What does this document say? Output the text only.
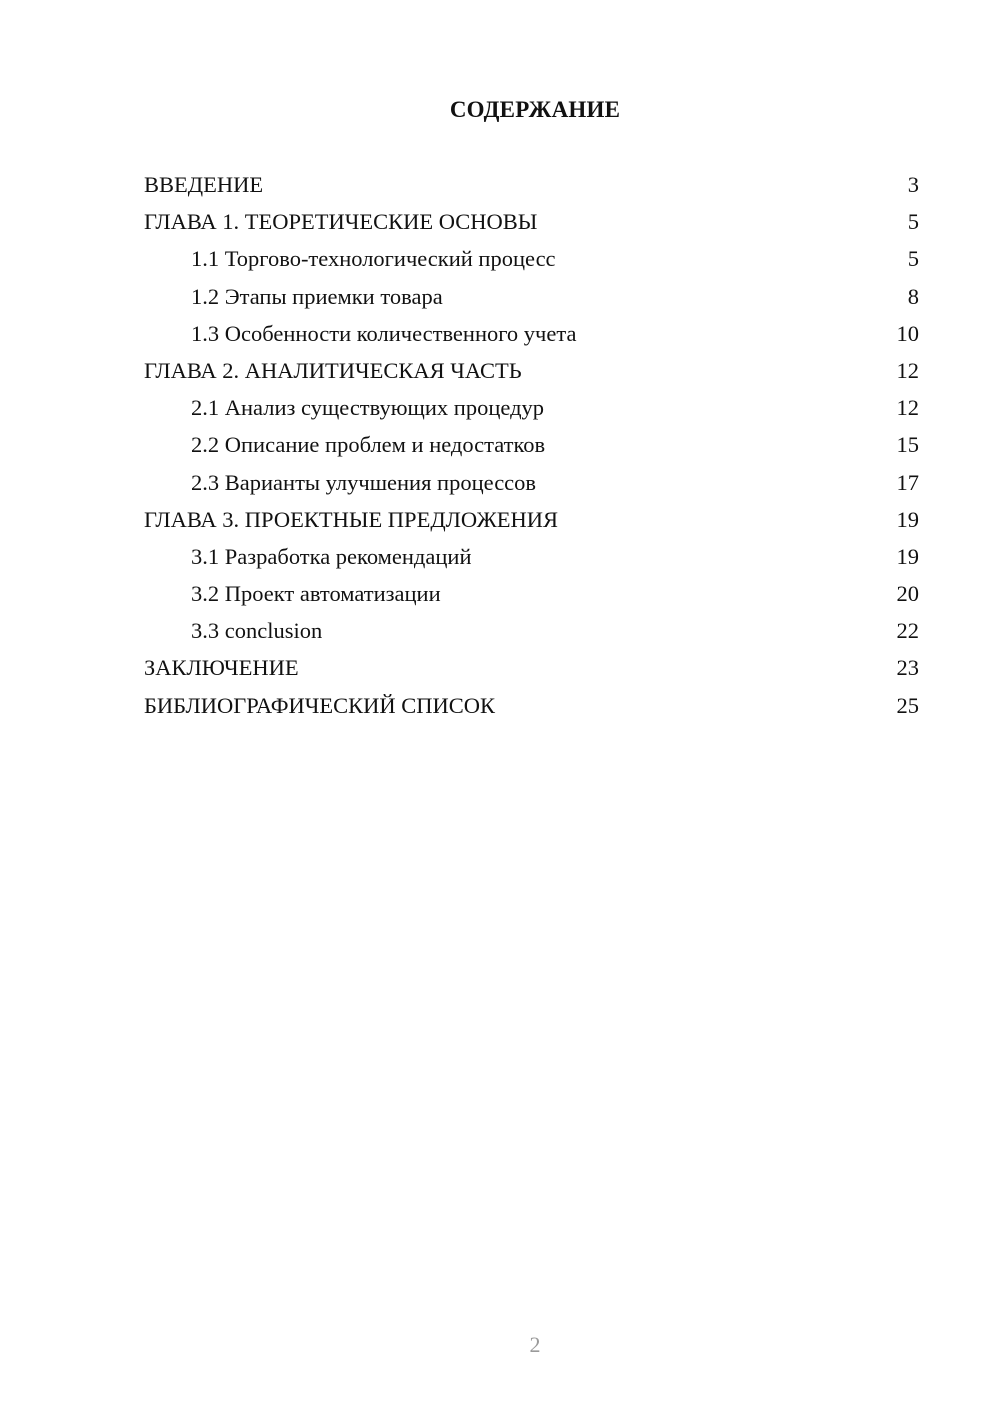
СОДЕРЖАНИЕ
ВВЕДЕНИЕ	3
ГЛАВА 1. ТЕОРЕТИЧЕСКИЕ ОСНОВЫ	5
1.1 Торгово-технологический процесс	5
1.2 Этапы приемки товара	8
1.3 Особенности количественного учета	10
ГЛАВА 2. АНАЛИТИЧЕСКАЯ ЧАСТЬ	12
2.1 Анализ существующих процедур	12
2.2 Описание проблем и недостатков	15
2.3 Варианты улучшения процессов	17
ГЛАВА 3. ПРОЕКТНЫЕ ПРЕДЛОЖЕНИЯ	19
3.1 Разработка рекомендаций	19
3.2 Проект автоматизации	20
3.3 conclusion	22
ЗАКЛЮЧЕНИЕ	23
БИБЛИОГРАФИЧЕСКИЙ СПИСОК	25
2
